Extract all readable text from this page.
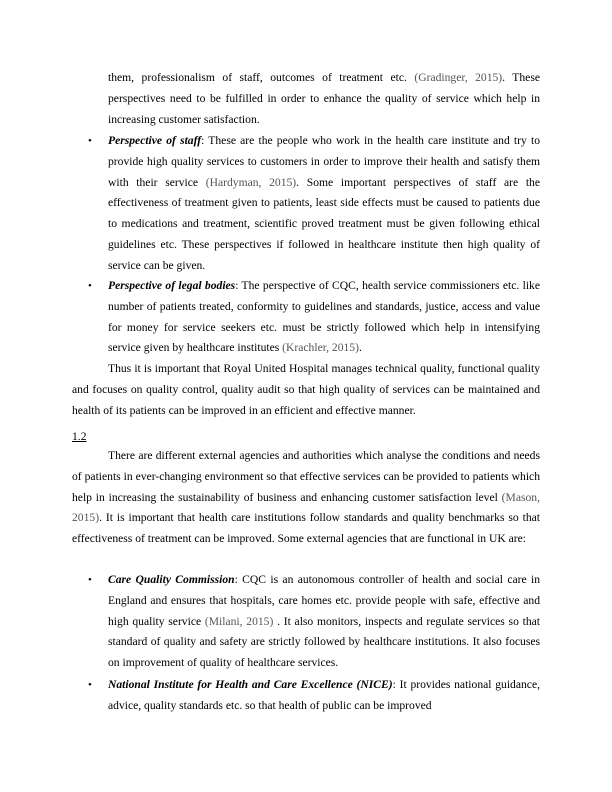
them, professionalism of staff, outcomes of treatment etc. (Gradinger, 2015). These perspectives need to be fulfilled in order to enhance the quality of service which help in increasing customer satisfaction.
• Perspective of staff: These are the people who work in the health care institute and try to provide high quality services to customers in order to improve their health and satisfy them with their service (Hardyman, 2015). Some important perspectives of staff are the effectiveness of treatment given to patients, least side effects must be caused to patients due to medications and treatment, scientific proved treatment must be given following ethical guidelines etc. These perspectives if followed in healthcare institute then high quality of service can be given.
• Perspective of legal bodies: The perspective of CQC, health service commissioners etc. like number of patients treated, conformity to guidelines and standards, justice, access and value for money for service seekers etc. must be strictly followed which help in intensifying service given by healthcare institutes (Krachler, 2015).
Thus it is important that Royal United Hospital manages technical quality, functional quality and focuses on quality control, quality audit so that high quality of services can be maintained and health of its patients can be improved in an efficient and effective manner.
1.2
There are different external agencies and authorities which analyse the conditions and needs of patients in ever-changing environment so that effective services can be provided to patients which help in increasing the sustainability of business and enhancing customer satisfaction level (Mason, 2015). It is important that health care institutions follow standards and quality benchmarks so that effectiveness of treatment can be improved. Some external agencies that are functional in UK are:
• Care Quality Commission: CQC is an autonomous controller of health and social care in England and ensures that hospitals, care homes etc. provide people with safe, effective and high quality service (Milani, 2015) . It also monitors, inspects and regulate services so that standard of quality and safety are strictly followed by healthcare institutions. It also focuses on improvement of quality of healthcare services.
• National Institute for Health and Care Excellence (NICE): It provides national guidance, advice, quality standards etc. so that health of public can be improved
